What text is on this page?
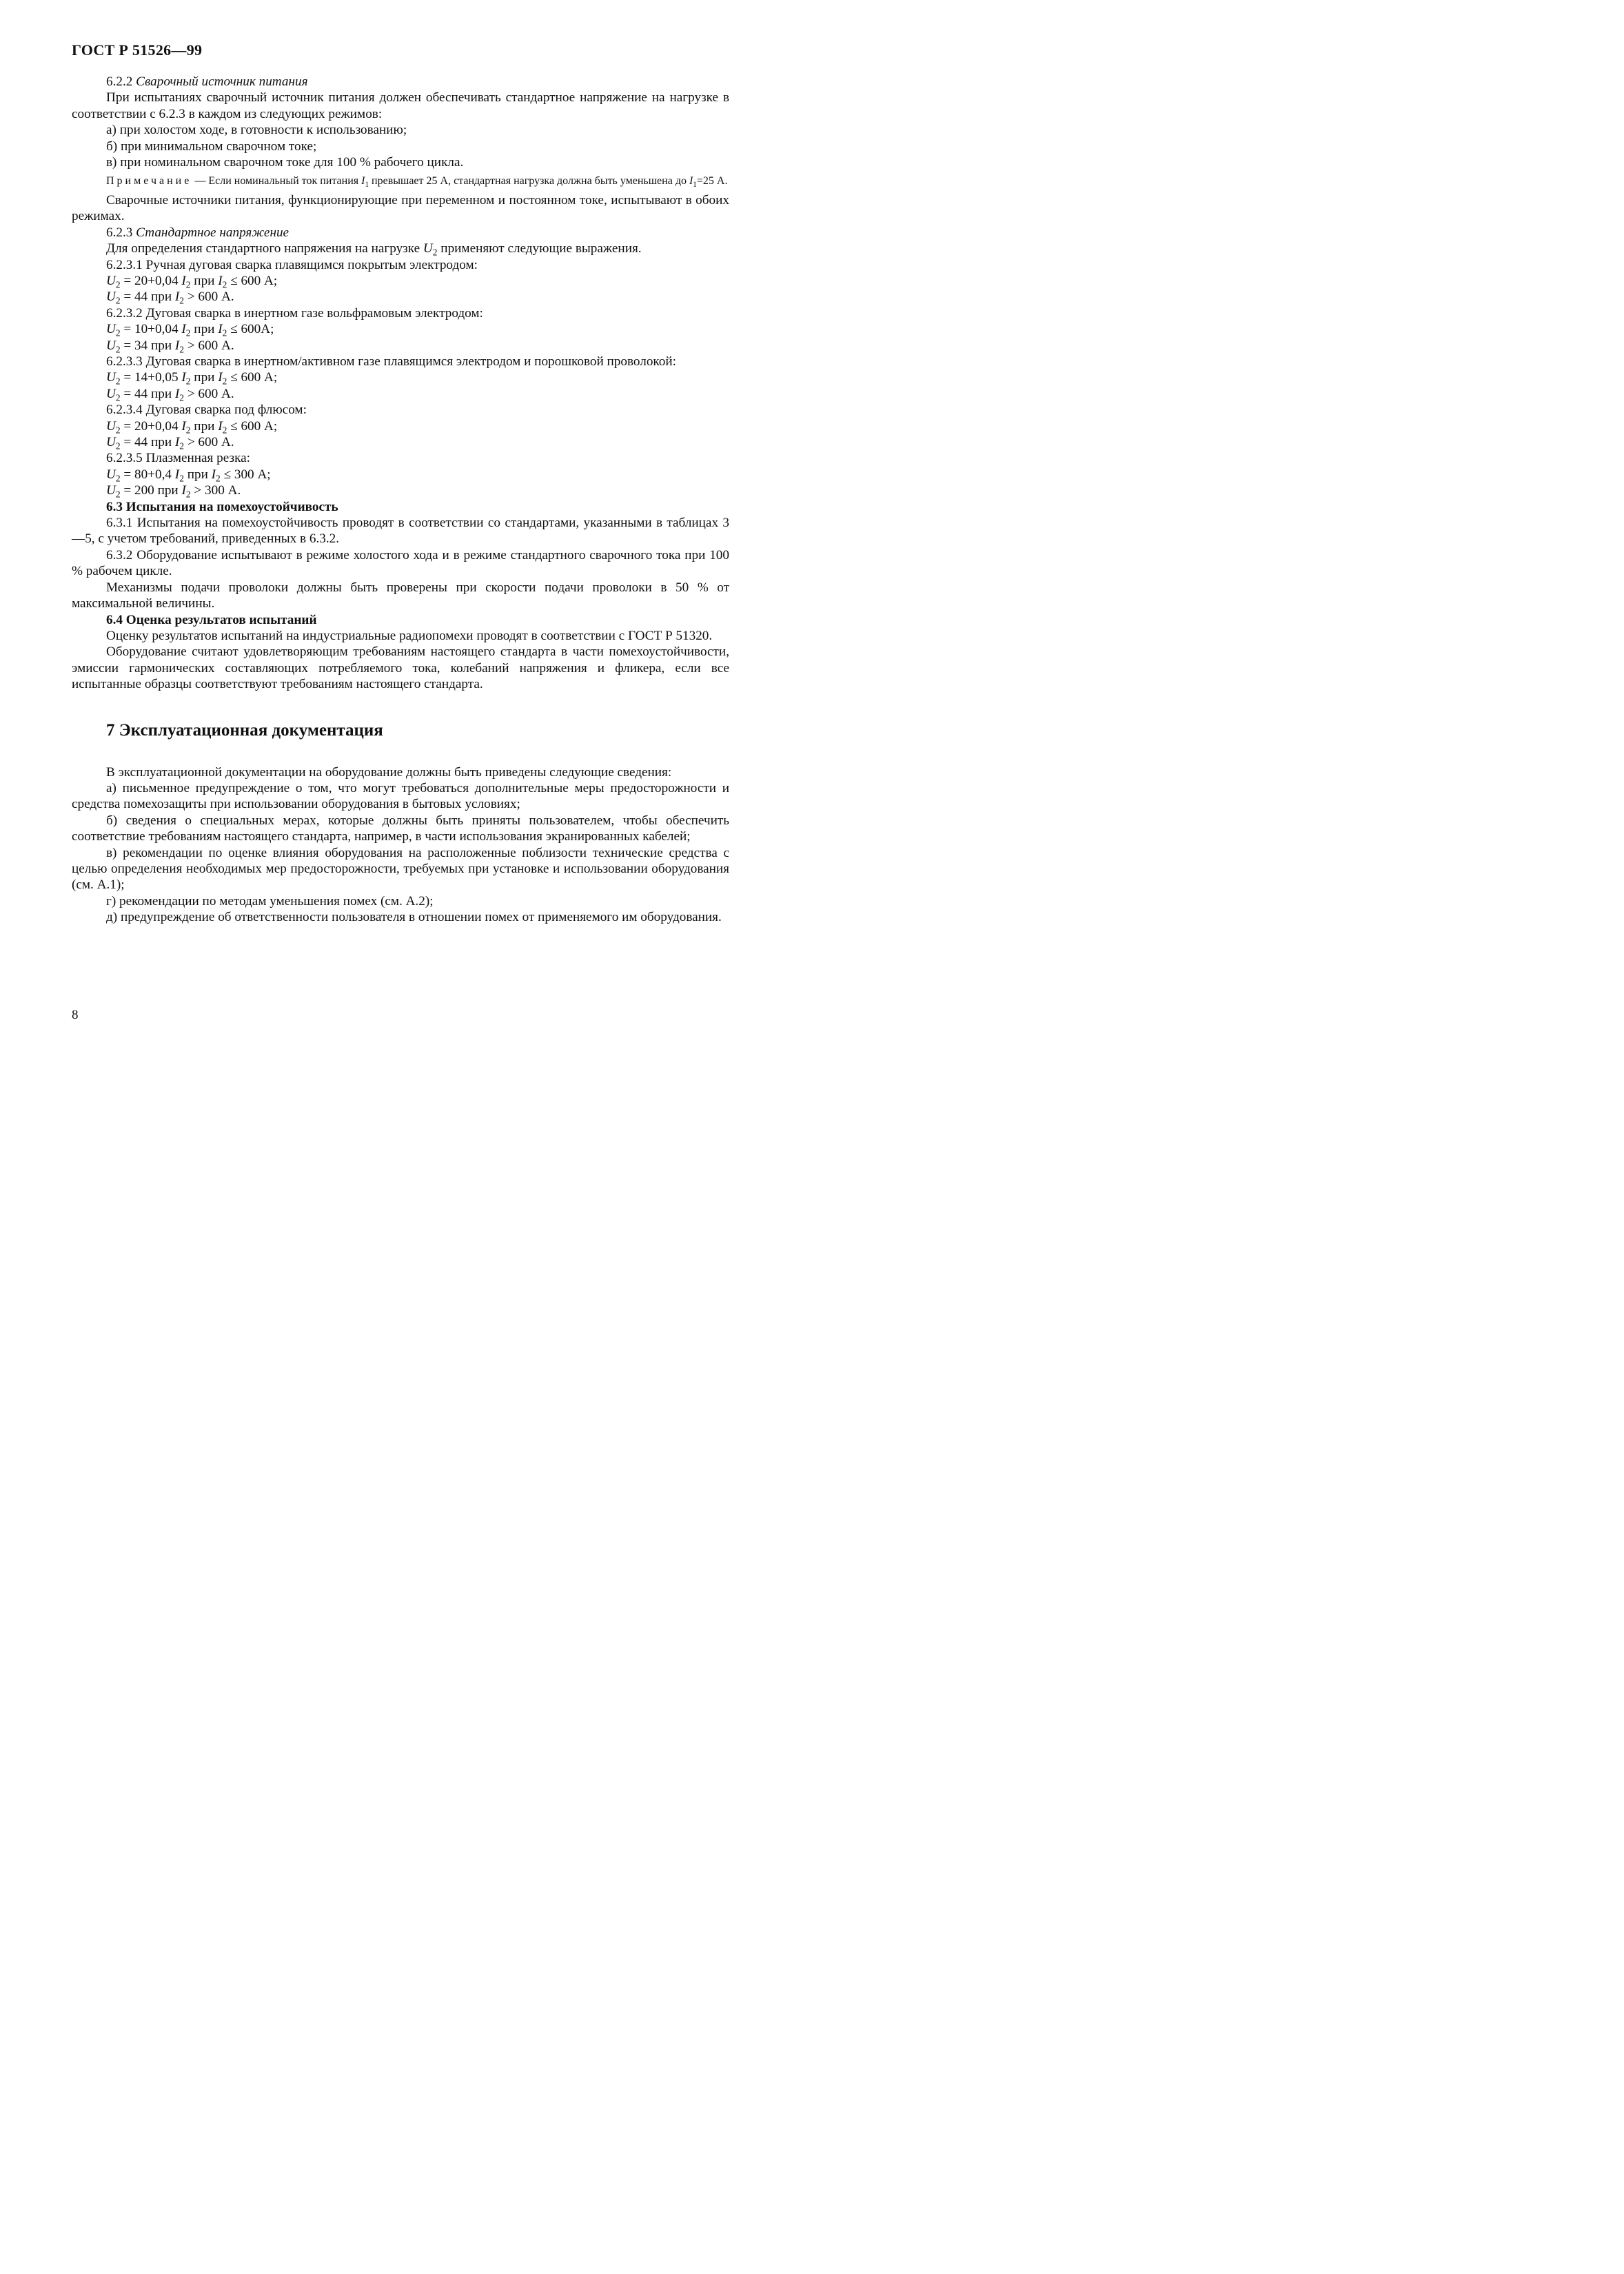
ГОСТ Р 51526—99

6.2.2 Сварочный источник питания

При испытаниях сварочный источник питания должен обеспечивать стандартное напряжение на нагрузке в соответствии с 6.2.3 в каждом из следующих режимов:

а) при холостом ходе, в готовности к использованию;

б) при минимальном сварочном токе;

в) при номинальном сварочном токе для 100 % рабочего цикла.

Примечание — Если номинальный ток питания $I_1$ превышает 25 А, стандартная нагрузка должна быть уменьшена до $I_1=25$ А.

Сварочные источники питания, функционирующие при переменном и постоянном токе, испытывают в обоих режимах.

6.2.3 Стандартное напряжение

Для определения стандартного напряжения на нагрузке $U_2$ применяют следующие выражения.

6.2.3.1 Ручная дуговая сварка плавящимся покрытым электродом:

$U_2 = 20+0,04$ $I_2$ при $I_2 \le 600$ А;

$U_2 = 44$ при $I_2 > 600$ А.

6.2.3.2 Дуговая сварка в инертном газе вольфрамовым электродом:

$U_2 = 10+0,04$ $I_2$ при $I_2 \le 600А$;

$U_2 = 34$ при $I_2 > 600$ А.

6.2.3.3 Дуговая сварка в инертном/активном газе плавящимся электродом и порошковой проволокой:

$U_2 = 14+0,05$ $I_2$ при $I_2 \le 600$ А;

$U_2 = 44$ при $I_2 > 600$ А.

6.2.3.4 Дуговая сварка под флюсом:

$U_2 = 20+0,04$ $I_2$ при $I_2 \le 600$ А;

$U_2 = 44$ при $I_2 > 600$ А.

6.2.3.5 Плазменная резка:

$U_2 = 80+0,4$ $I_2$ при $I_2 \le 300$ А;

$U_2 = 200$ при $I_2 > 300$ А.

6.3 Испытания на помехоустойчивость

6.3.1 Испытания на помехоустойчивость проводят в соответствии со стандартами, указанными в таблицах 3—5, с учетом требований, приведенных в 6.3.2.

6.3.2 Оборудование испытывают в режиме холостого хода и в режиме стандартного сварочного тока при 100 % рабочем цикле.

Механизмы подачи проволоки должны быть проверены при скорости подачи проволоки в 50 % от максимальной величины.

6.4 Оценка результатов испытаний

Оценку результатов испытаний на индустриальные радиопомехи проводят в соответствии с ГОСТ Р 51320.

Оборудование считают удовлетворяющим требованиям настоящего стандарта в части помехоустойчивости, эмиссии гармонических составляющих потребляемого тока, колебаний напряжения и фликера, если все испытанные образцы соответствуют требованиям настоящего стандарта.

7 Эксплуатационная документация

В эксплуатационной документации на оборудование должны быть приведены следующие сведения:

а) письменное предупреждение о том, что могут требоваться дополнительные меры предосторожности и средства помехозащиты при использовании оборудования в бытовых условиях;

б) сведения о специальных мерах, которые должны быть приняты пользователем, чтобы обеспечить соответствие требованиям настоящего стандарта, например, в части использования экранированных кабелей;

в) рекомендации по оценке влияния оборудования на расположенные поблизости технические средства с целью определения необходимых мер предосторожности, требуемых при установке и использовании оборудования (см. А.1);

г) рекомендации по методам уменьшения помех (см. А.2);

д) предупреждение об ответственности пользователя в отношении помех от применяемого им оборудования.

8
